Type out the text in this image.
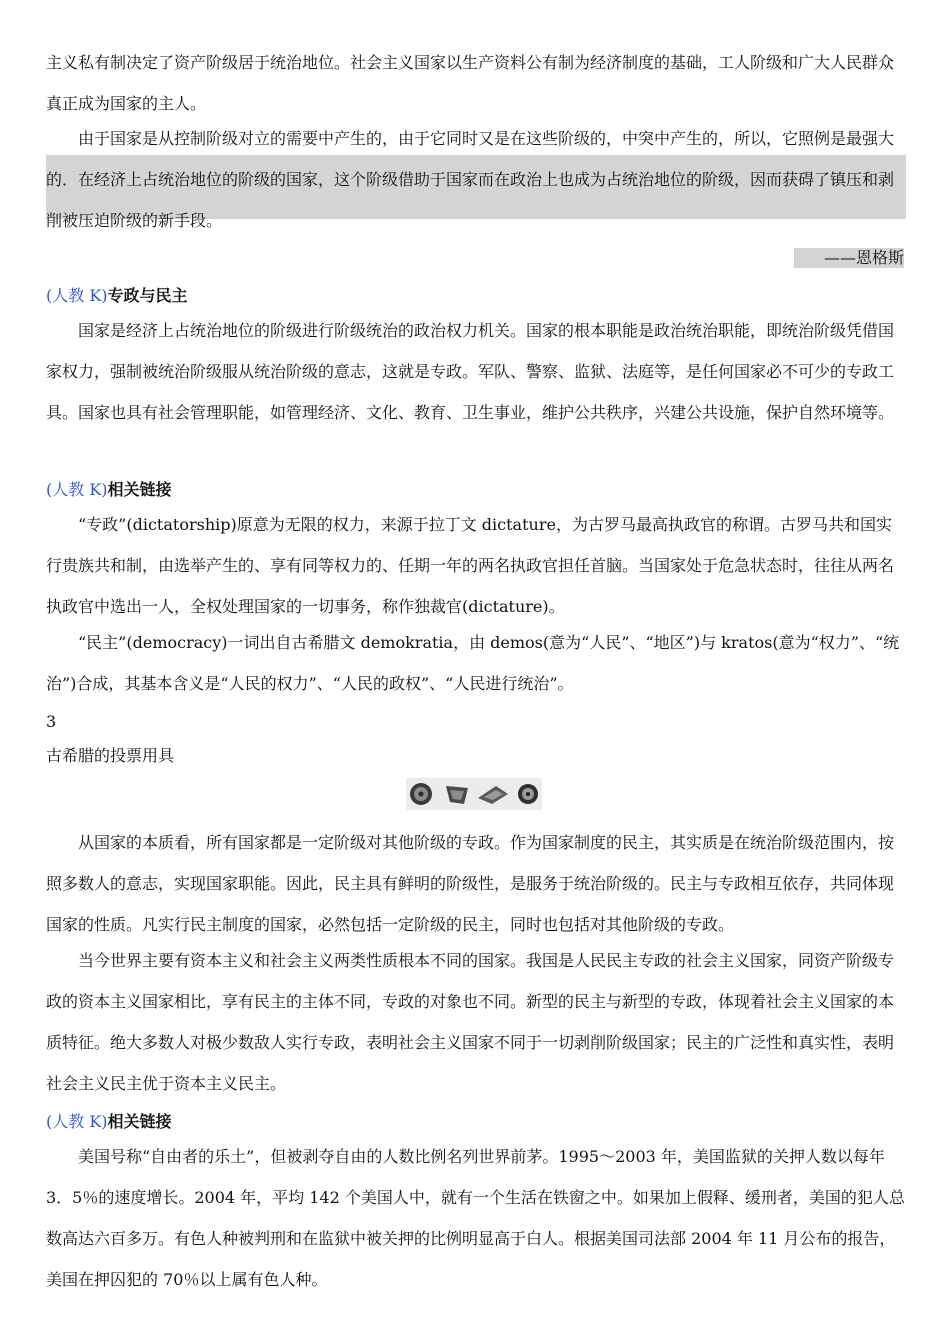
主义私有制决定了资产阶级居于统治地位。社会主义国家以生产资料公有制为经济制度的基础，工人阶级和广大人民群众真正成为国家的主人。

由于国家是从控制阶级对立的需要中产生的，由于它同时又是在这些阶级的，中突中产生的，所以，它照例是最强大的．在经济上占统治地位的阶级的国家，这个阶级借助于国家而在政治上也成为占统治地位的阶级，因而获碍了镇压和剥削被压迫阶级的新手段。

——恩格斯
(人教 K)专政与民主

国家是经济上占统治地位的阶级进行阶级统治的政治权力机关。国家的根本职能是政治统治职能，即统治阶级凭借国家权力，强制被统治阶级服从统治阶级的意志，这就是专政。军队、警察、监狱、法庭等，是任何国家必不可少的专政工具。国家也具有社会管理职能，如管理经济、文化、教育、卫生事业，维护公共秩序，兴建公共设施，保护自然环境等。

(人教 K)相关链接

“专政”(dictatorship)原意为无限的权力，来源于拉丁文 dictature，为古罗马最高执政官的称谓。古罗马共和国实行贵族共和制，由选举产生的、享有同等权力的、任期一年的两名执政官担任首脑。当国家处于危急状态时，往往从两名执政官中选出一人，全权处理国家的一切事务，称作独裁官(dictature)。

“民主”(democracy)一词出自古希腊文 demokratia，由 demos(意为“人民”、“地区”)与 kratos(意为“权力”、“统治”)合成，其基本含义是“人民的权力”、“人民的政权”、“人民进行统治”。

3
古希腊的投票用具

从国家的本质看，所有国家都是一定阶级对其他阶级的专政。作为国家制度的民主，其实质是在统治阶级范围内，按照多数人的意志，实现国家职能。因此，民主具有鲜明的阶级性，是服务于统治阶级的。民主与专政相互依存，共同体现国家的性质。凡实行民主制度的国家，必然包括一定阶级的民主，同时也包括对其他阶级的专政。

当今世界主要有资本主义和社会主义两类性质根本不同的国家。我国是人民民主专政的社会主义国家，同资产阶级专政的资本主义国家相比，享有民主的主体不同，专政的对象也不同。新型的民主与新型的专政，体现着社会主义国家的本质特征。绝大多数人对极少数敌人实行专政，表明社会主义国家不同于一切剥削阶级国家；民主的广泛性和真实性，表明社会主义民主优于资本主义民主。

(人教 K)相关链接

美国号称“自由者的乐土”，但被剥夺自由的人数比例名列世界前茅。1995～2003 年，美国监狱的关押人数以每年 3．5％的速度增长。2004 年，平均 142 个美国人中，就有一个生活在铁窗之中。如果加上假释、缓刑者，美国的犯人总数高达六百多万。有色人种被判刑和在监狱中被关押的比例明显高于白人。根据美国司法部 2004 年 11 月公布的报告，美国在押囚犯的 70％以上属有色人种。
